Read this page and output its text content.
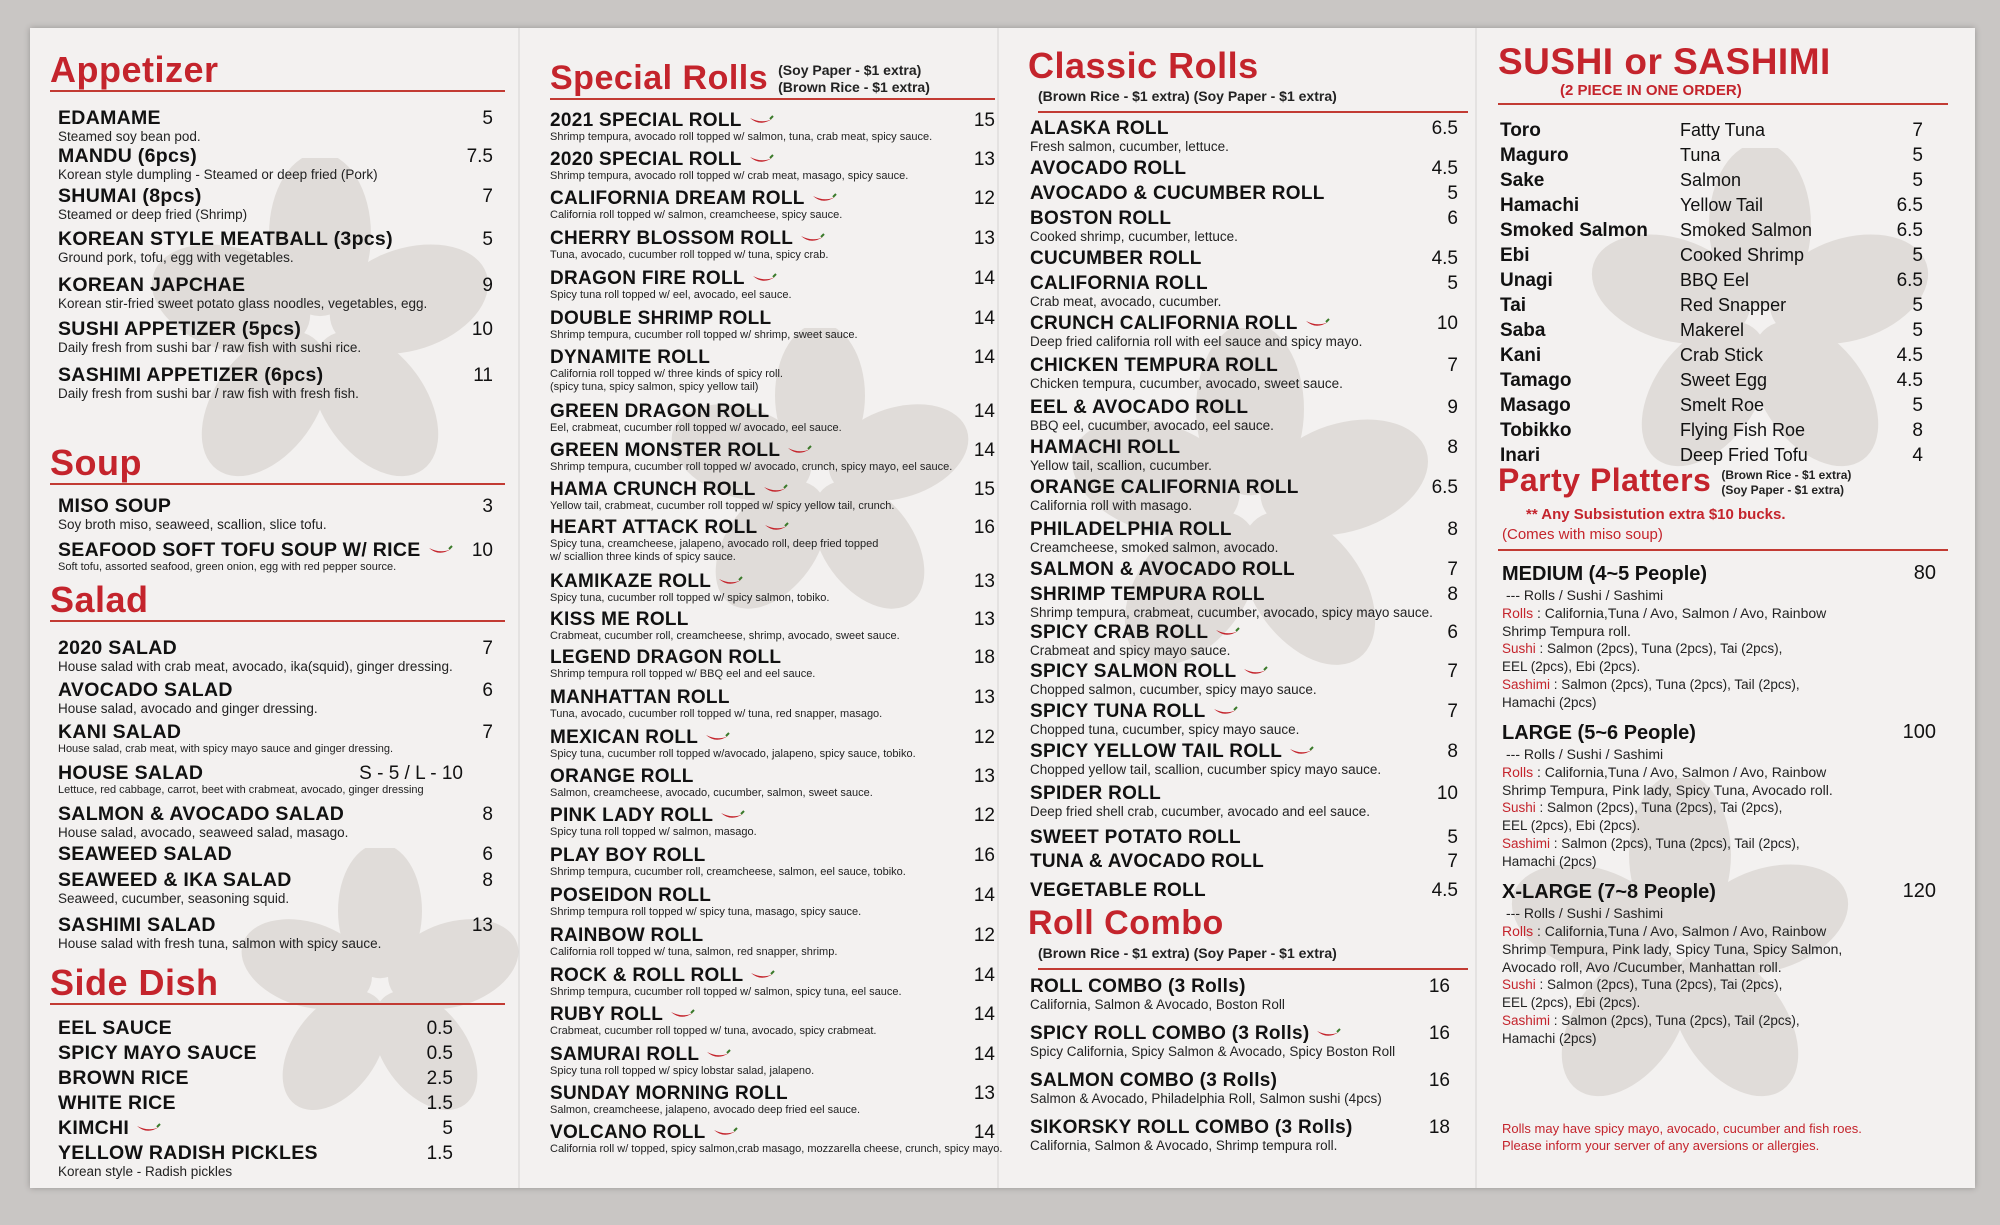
Appetizer
EDAMAME	5
Steamed soy bean pod.
MANDU (6pcs)	7.5
Korean style dumpling - Steamed or deep fried (Pork)
SHUMAI (8pcs)	7
Steamed or deep fried (Shrimp)
KOREAN STYLE MEATBALL (3pcs)	5
Ground pork, tofu, egg with vegetables.
KOREAN JAPCHAE	9
Korean stir-fried sweet potato glass noodles, vegetables, egg.
SUSHI APPETIZER (5pcs)	10
Daily fresh from sushi bar / raw fish with sushi rice.
SASHIMI APPETIZER (6pcs)	11
Daily fresh from sushi bar / raw fish with fresh fish.
Soup
MISO SOUP	3
Soy broth miso, seaweed, scallion, slice tofu.
SEAFOOD SOFT TOFU SOUP W/ RICE	10
Soft tofu, assorted seafood, green onion, egg with red pepper source.
Salad
2020 SALAD	7
House salad with crab meat, avocado, ika(squid), ginger dressing.
AVOCADO SALAD	6
House salad, avocado and ginger dressing.
KANI SALAD	7
House salad, crab meat, with spicy mayo sauce and ginger dressing.
HOUSE SALAD	S - 5 / L - 10
Lettuce, red cabbage, carrot, beet with crabmeat, avocado, ginger dressing
SALMON & AVOCADO SALAD	8
House salad, avocado, seaweed salad, masago.
SEAWEED SALAD	6
SEAWEED & IKA SALAD	8
Seaweed, cucumber, seasoning squid.
SASHIMI SALAD	13
House salad with fresh tuna, salmon with spicy sauce.
Side Dish
EEL SAUCE	0.5
SPICY MAYO SAUCE	0.5
BROWN RICE	2.5
WHITE RICE	1.5
KIMCHI	5
YELLOW RADISH PICKLES	1.5
Korean style - Radish pickles
Special Rolls (Soy Paper - $1 extra)
(Brown Rice - $1 extra)
2021 SPECIAL ROLL	15
Shrimp tempura, avocado roll topped w/ salmon, tuna, crab meat, spicy sauce.
2020 SPECIAL ROLL	13
Shrimp tempura, avocado roll topped w/ crab meat, masago, spicy sauce.
CALIFORNIA DREAM ROLL	12
California roll topped w/ salmon, creamcheese, spicy sauce.
CHERRY BLOSSOM ROLL	13
Tuna, avocado, cucumber roll topped w/ tuna, spicy crab.
DRAGON FIRE ROLL	14
Spicy tuna roll topped w/ eel, avocado, eel sauce.
DOUBLE SHRIMP ROLL	14
Shrimp tempura, cucumber roll topped w/ shrimp, sweet sauce.
DYNAMITE ROLL	14
California roll topped w/ three kinds of spicy roll.
(spicy tuna, spicy salmon, spicy yellow tail)
GREEN DRAGON ROLL	14
Eel, crabmeat, cucumber roll topped w/ avocado, eel sauce.
GREEN MONSTER ROLL	14
Shrimp tempura, cucumber roll topped w/ avocado, crunch, spicy mayo, eel sauce.
HAMA CRUNCH ROLL	15
Yellow tail, crabmeat, cucumber roll topped w/ spicy yellow tail, crunch.
HEART ATTACK ROLL	16
Spicy tuna, creamcheese, jalapeno, avocado roll, deep fried topped
w/ sciallion three kinds of spicy sauce.
KAMIKAZE ROLL	13
Spicy tuna, cucumber roll topped w/ spicy salmon, tobiko.
KISS ME ROLL	13
Crabmeat, cucumber roll, creamcheese, shrimp, avocado, sweet sauce.
LEGEND DRAGON ROLL	18
Shrimp tempura roll topped w/ BBQ eel and eel sauce.
MANHATTAN ROLL	13
Tuna, avocado, cucumber roll topped w/ tuna, red snapper, masago.
MEXICAN ROLL	12
Spicy tuna, cucumber roll topped w/avocado, jalapeno, spicy sauce, tobiko.
ORANGE ROLL	13
Salmon, creamcheese, avocado, cucumber, salmon, sweet sauce.
PINK LADY ROLL	12
Spicy tuna roll topped w/ salmon, masago.
PLAY BOY ROLL	16
Shrimp tempura, cucumber roll, creamcheese, salmon, eel sauce, tobiko.
POSEIDON ROLL	14
Shrimp tempura roll topped w/ spicy tuna, masago, spicy sauce.
RAINBOW ROLL	12
California roll topped w/ tuna, salmon, red snapper, shrimp.
ROCK & ROLL ROLL	14
Shrimp tempura, cucumber roll topped w/ salmon, spicy tuna, eel sauce.
RUBY ROLL	14
Crabmeat, cucumber roll topped w/ tuna, avocado, spicy crabmeat.
SAMURAI ROLL	14
Spicy tuna roll topped w/ spicy lobstar salad, jalapeno.
SUNDAY MORNING ROLL	13
Salmon, creamcheese, jalapeno, avocado deep fried eel sauce.
VOLCANO ROLL	14
California roll w/ topped, spicy salmon,crab masago, mozzarella cheese, crunch, spicy mayo.
Classic Rolls
(Brown Rice - $1 extra) (Soy Paper - $1 extra)
ALASKA ROLL	6.5
Fresh salmon, cucumber, lettuce.
AVOCADO ROLL	4.5
AVOCADO & CUCUMBER ROLL	5
BOSTON ROLL	6
Cooked shrimp, cucumber, lettuce.
CUCUMBER ROLL	4.5
CALIFORNIA ROLL	5
Crab meat, avocado, cucumber.
CRUNCH CALIFORNIA ROLL	10
Deep fried california roll with eel sauce and spicy mayo.
CHICKEN TEMPURA ROLL	7
Chicken tempura, cucumber, avocado, sweet sauce.
EEL & AVOCADO ROLL	9
BBQ eel, cucumber, avocado, eel sauce.
HAMACHI ROLL	8
Yellow tail, scallion, cucumber.
ORANGE CALIFORNIA ROLL	6.5
California roll with masago.
PHILADELPHIA ROLL	8
Creamcheese, smoked salmon, avocado.
SALMON & AVOCADO ROLL	7
SHRIMP TEMPURA ROLL	8
Shrimp tempura, crabmeat, cucumber, avocado, spicy mayo sauce.
SPICY CRAB ROLL	6
Crabmeat and spicy mayo sauce.
SPICY SALMON ROLL	7
Chopped salmon, cucumber, spicy mayo sauce.
SPICY TUNA ROLL	7
Chopped tuna, cucumber, spicy mayo sauce.
SPICY YELLOW TAIL ROLL	8
Chopped yellow tail, scallion, cucumber spicy mayo sauce.
SPIDER ROLL	10
Deep fried shell crab, cucumber, avocado and eel sauce.
SWEET POTATO ROLL	5
TUNA & AVOCADO ROLL	7
VEGETABLE ROLL	4.5
Roll Combo
(Brown Rice - $1 extra) (Soy Paper - $1 extra)
ROLL COMBO (3 Rolls)	16
California, Salmon & Avocado, Boston Roll
SPICY ROLL COMBO (3 Rolls)	16
Spicy California, Spicy Salmon & Avocado, Spicy Boston Roll
SALMON COMBO (3 Rolls)	16
Salmon & Avocado, Philadelphia Roll, Salmon sushi (4pcs)
SIKORSKY ROLL COMBO (3 Rolls)	18
California, Salmon & Avocado, Shrimp tempura roll.
SUSHI or SASHIMI
(2 PIECE IN ONE ORDER)
Toro	Fatty Tuna	7
Maguro	Tuna	5
Sake	Salmon	5
Hamachi	Yellow Tail	6.5
Smoked Salmon	Smoked Salmon	6.5
Ebi	Cooked Shrimp	5
Unagi	BBQ Eel	6.5
Tai	Red Snapper	5
Saba	Makerel	5
Kani	Crab Stick	4.5
Tamago	Sweet Egg	4.5
Masago	Smelt Roe	5
Tobikko	Flying Fish Roe	8
Inari	Deep Fried Tofu	4
Party Platters (Brown Rice - $1 extra)
(Soy Paper - $1 extra)
** Any Subsistution extra $10 bucks.
(Comes with miso soup)
MEDIUM (4~5 People)	80
--- Rolls / Sushi / Sashimi
Rolls : California,Tuna / Avo, Salmon / Avo, Rainbow
Shrimp Tempura roll.
Sushi : Salmon (2pcs), Tuna (2pcs), Tai (2pcs),
EEL (2pcs), Ebi (2pcs).
Sashimi : Salmon (2pcs), Tuna (2pcs), Tail (2pcs),
Hamachi (2pcs)
LARGE (5~6 People)	100
--- Rolls / Sushi / Sashimi
Rolls : California,Tuna / Avo, Salmon / Avo, Rainbow
Shrimp Tempura, Pink lady, Spicy Tuna, Avocado roll.
Sushi : Salmon (2pcs), Tuna (2pcs), Tai (2pcs),
EEL (2pcs), Ebi (2pcs).
Sashimi : Salmon (2pcs), Tuna (2pcs), Tail (2pcs),
Hamachi (2pcs)
X-LARGE (7~8 People)	120
--- Rolls / Sushi / Sashimi
Rolls : California,Tuna / Avo, Salmon / Avo, Rainbow
Shrimp Tempura, Pink lady, Spicy Tuna, Spicy Salmon,
Avocado roll, Avo /Cucumber, Manhattan roll.
Sushi : Salmon (2pcs), Tuna (2pcs), Tai (2pcs),
EEL (2pcs), Ebi (2pcs).
Sashimi : Salmon (2pcs), Tuna (2pcs), Tail (2pcs),
Hamachi (2pcs)
Rolls may have spicy mayo, avocado, cucumber and fish roes.
Please inform your server of any aversions or allergies.
